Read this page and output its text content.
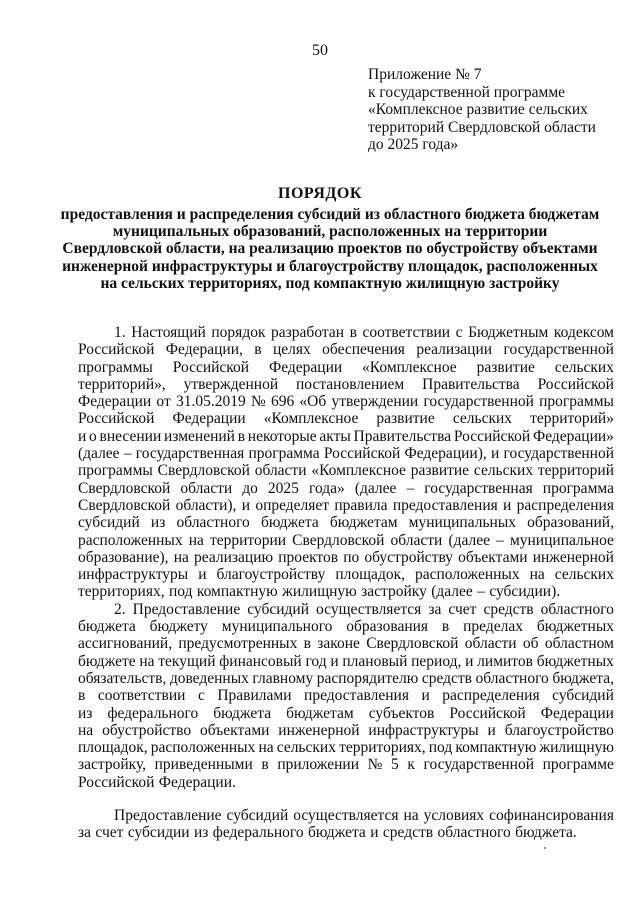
50
Приложение № 7
к государственной программе
«Комплексное развитие сельских
территорий Свердловской области
до 2025 года»
ПОРЯДОК
предоставления и распределения субсидий из областного бюджета бюджетам
муниципальных образований, расположенных на территории
Свердловской области, на реализацию проектов по обустройству объектами
инженерной инфраструктуры и благоустройству площадок, расположенных
на сельских территориях, под компактную жилищную застройку
1. Настоящий порядок разработан в соответствии с Бюджетным кодексом
Российской Федерации, в целях обеспечения реализации государственной
программы Российской Федерации «Комплексное развитие сельских
территорий», утвержденной постановлением Правительства Российской
Федерации от 31.05.2019 № 696 «Об утверждении государственной программы
Российской Федерации «Комплексное развитие сельских территорий»
и о внесении изменений в некоторые акты Правительства Российской Федерации»
(далее – государственная программа Российской Федерации), и государственной
программы Свердловской области «Комплексное развитие сельских территорий
Свердловской области до 2025 года» (далее – государственная программа
Свердловской области), и определяет правила предоставления и распределения
субсидий из областного бюджета бюджетам муниципальных образований,
расположенных на территории Свердловской области (далее – муниципальное
образование), на реализацию проектов по обустройству объектами инженерной
инфраструктуры и благоустройству площадок, расположенных на сельских
территориях, под компактную жилищную застройку (далее – субсидии).
2. Предоставление субсидий осуществляется за счет средств областного
бюджета бюджету муниципального образования в пределах бюджетных
ассигнований, предусмотренных в законе Свердловской области об областном
бюджете на текущий финансовый год и плановый период, и лимитов бюджетных
обязательств, доведенных главному распорядителю средств областного бюджета,
в соответствии с Правилами предоставления и распределения субсидий
из федерального бюджета бюджетам субъектов Российской Федерации
на обустройство объектами инженерной инфраструктуры и благоустройство
площадок, расположенных на сельских территориях, под компактную жилищную
застройку, приведенными в приложении № 5 к государственной программе
Российской Федерации.
Предоставление субсидий осуществляется на условиях софинансирования
за счет субсидии из федерального бюджета и средств областного бюджета.
